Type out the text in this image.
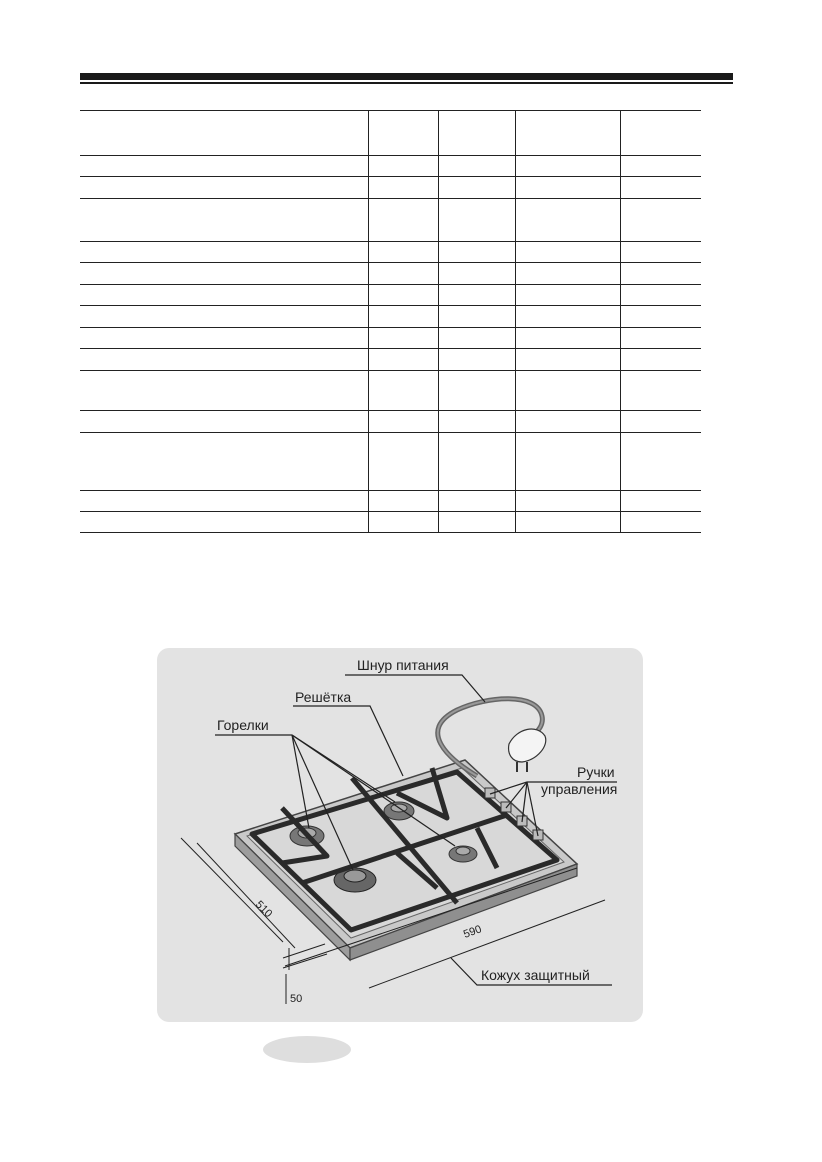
Шнур питания
Решётка
Горелки
Ручки
управления
Кожух защитный
510
590
50
